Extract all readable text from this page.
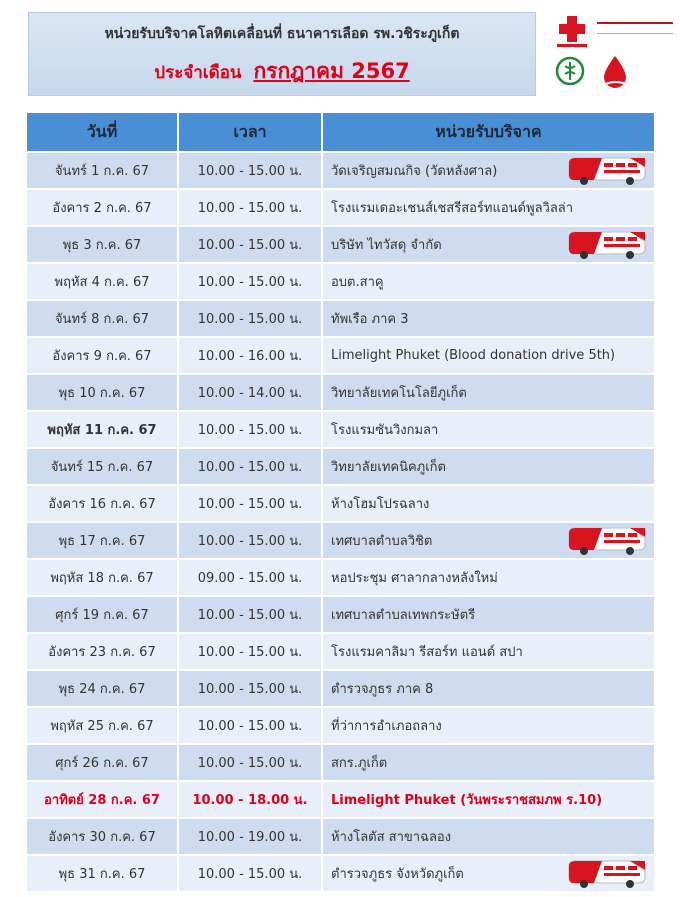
หน่วยรับบริจาคโลหิตเคลื่อนที่ ธนาคารเลือด รพ.วชิระภูเก็ต
ประจำเดือน กรกฎาคม 2567
วันที่	เวลา	หน่วยรับบริจาค
จันทร์ 1 ก.ค. 67	10.00 - 15.00 น.	วัดเจริญสมณกิจ (วัดหลังศาล)
อังคาร 2 ก.ค. 67	10.00 - 15.00 น.	โรงแรมเดอะเชนส์เชสรีสอร์ทแอนด์พูลวิลล่า
พุธ 3 ก.ค. 67	10.00 - 15.00 น.	บริษัท ไทวัสดุ จำกัด
พฤหัส 4 ก.ค. 67	10.00 - 15.00 น.	อบต.สาคู
จันทร์ 8 ก.ค. 67	10.00 - 15.00 น.	ทัพเรือ ภาค 3
อังคาร 9 ก.ค. 67	10.00 - 16.00 น.	Limelight Phuket (Blood donation drive 5th)
พุธ 10 ก.ค. 67	10.00 - 14.00 น.	วิทยาลัยเทคโนโลยีภูเก็ต
พฤหัส 11 ก.ค. 67	10.00 - 15.00 น.	โรงแรมซันวิงกมลา
จันทร์ 15 ก.ค. 67	10.00 - 15.00 น.	วิทยาลัยเทคนิคภูเก็ต
อังคาร 16 ก.ค. 67	10.00 - 15.00 น.	ห้างโฮมโปรฉลาง
พุธ 17 ก.ค. 67	10.00 - 15.00 น.	เทศบาลตำบลวิชิต
พฤหัส 18 ก.ค. 67	09.00 - 15.00 น.	หอประชุม ศาลากลางหลังใหม่
ศุกร์ 19 ก.ค. 67	10.00 - 15.00 น.	เทศบาลตำบลเทพกระษัตรี
อังคาร 23 ก.ค. 67	10.00 - 15.00 น.	โรงแรมคาลิมา รีสอร์ท แอนด์ สปา
พุธ 24 ก.ค. 67	10.00 - 15.00 น.	ตำรวจภูธร ภาค 8
พฤหัส 25 ก.ค. 67	10.00 - 15.00 น.	ที่ว่าการอำเภอถลาง
ศุกร์ 26 ก.ค. 67	10.00 - 15.00 น.	สกร.ภูเก็ต
อาทิตย์ 28 ก.ค. 67	10.00 - 18.00 น.	Limelight Phuket (วันพระราชสมภพ ร.10)
อังคาร 30 ก.ค. 67	10.00 - 19.00 น.	ห้างโลตัส สาขาฉลอง
พุธ 31 ก.ค. 67	10.00 - 15.00 น.	ตำรวจภูธร จังหวัดภูเก็ต
